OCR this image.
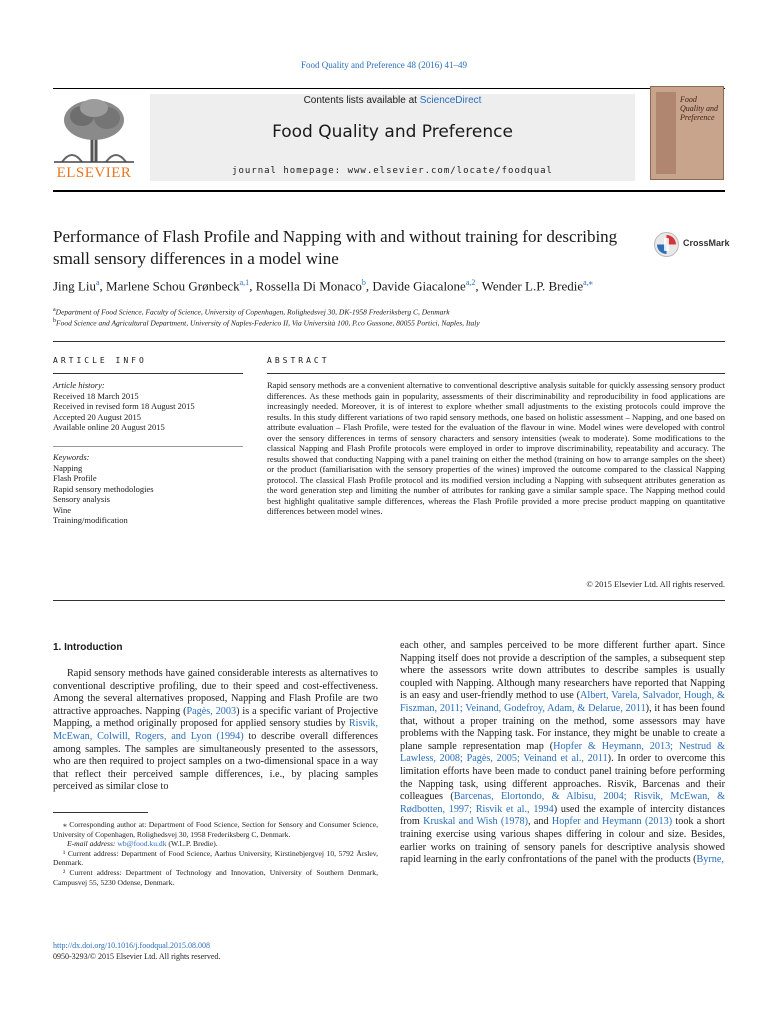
Food Quality and Preference 48 (2016) 41–49
ELSEVIER
Contents lists available at ScienceDirect
Food Quality and Preference
journal homepage: www.elsevier.com/locate/foodqual
Food Quality and Preference
Performance of Flash Profile and Napping with and without training for describing small sensory differences in a model wine
CrossMark
Jing Liu$^a$, Marlene Schou Grønbeck$^{a,1}$, Rossella Di Monaco$^b$, Davide Giacalone$^{a,2}$, Wender L.P. Bredie$^{a,⁎}$
$^a$Department of Food Science, Faculty of Science, University of Copenhagen, Rolighedsvej 30, DK-1958 Frederiksberg C, Denmark
$^b$Food Science and Agricultural Department, University of Naples-Federico II, Via Università 100, P.co Gussone, 80055 Portici, Naples, Italy
ARTICLE INFO
Article history:
Received 18 March 2015
Received in revised form 18 August 2015
Accepted 20 August 2015
Available online 20 August 2015
Keywords:
Napping
Flash Profile
Rapid sensory methodologies
Sensory analysis
Wine
Training/modification
ABSTRACT
Rapid sensory methods are a convenient alternative to conventional descriptive analysis suitable for quickly assessing sensory product differences. As these methods gain in popularity, assessments of their discriminability and reproducibility in food applications are increasingly needed. Moreover, it is of interest to explore whether small adjustments to the existing protocols could improve the results. In this study different variations of two rapid sensory methods, one based on holistic assessment – Napping, and one based on attribute evaluation – Flash Profile, were tested for the evaluation of the flavour in wine. Model wines were developed with control over the sensory differences in terms of sensory characters and sensory intensities (weak to moderate). Some modifications to the classical Napping and Flash Profile protocols were employed in order to improve discriminability, repeatability and accuracy. The results showed that conducting Napping with a panel training on either the method (training on how to arrange samples on the sheet) or the product (familiarisation with the sensory properties of the wines) improved the outcome compared to the classical Napping protocol. The classical Flash Profile protocol and its modified version including a Napping with subsequent attributes generation as the word generation step and limiting the number of attributes for ranking gave a similar sample space. The Napping method could best highlight qualitative sample differences, whereas the Flash Profile provided a more precise product mapping on quantitative differences between model wines.
© 2015 Elsevier Ltd. All rights reserved.
1. Introduction

Rapid sensory methods have gained considerable interests as alternatives to conventional descriptive profiling, due to their speed and cost-effectiveness. Among the several alternatives proposed, Napping and Flash Profile are two attractive approaches. Napping (Pagès, 2003) is a specific variant of Projective Mapping, a method originally proposed for applied sensory studies by Risvik, McEwan, Colwill, Rogers, and Lyon (1994) to describe overall differences among samples. The samples are simultaneously presented to the assessors, who are then required to project samples on a two-dimensional space in a way that reflect their perceived sample differences, i.e., by placing samples perceived as similar close to

each other, and samples perceived to be more different further apart. Since Napping itself does not provide a description of the samples, a subsequent step where the assessors write down attributes to describe samples is usually coupled with Napping. Although many researchers have reported that Napping is an easy and user-friendly method to use (Albert, Varela, Salvador, Hough, & Fiszman, 2011; Veinand, Godefroy, Adam, & Delarue, 2011), it has been found that, without a proper training on the method, some assessors may have problems with the Napping task. For instance, they might be unable to create a plane sample representation map (Hopfer & Heymann, 2013; Nestrud & Lawless, 2008; Pagès, 2005; Veinand et al., 2011). In order to overcome this limitation efforts have been made to conduct panel training before performing the Napping task, using different approaches. Risvik, Barcenas and their colleagues (Barcenas, Elortondo, & Albisu, 2004; Risvik, McEwan, & Rødbotten, 1997; Risvik et al., 1994) used the example of intercity distances from Kruskal and Wish (1978), and Hopfer and Heymann (2013) took a short training exercise using various shapes differing in colour and size. Besides, earlier works on training of sensory panels for descriptive analysis showed rapid learning in the early confrontations of the panel with the products (Byrne,

⁎ Corresponding author at: Department of Food Science, Section for Sensory and Consumer Science, University of Copenhagen, Rolighedsvej 30, 1958 Frederiksberg C, Denmark.

E-mail address: wb@food.ku.dk (W.L.P. Bredie).

¹ Current address: Department of Food Science, Aarhus University, Kirstinebjergvej 10, 5792 Årslev, Denmark.

² Current address: Department of Technology and Innovation, University of Southern Denmark, Campusvej 55, 5230 Odense, Denmark.

http://dx.doi.org/10.1016/j.foodqual.2015.08.008
0950-3293/© 2015 Elsevier Ltd. All rights reserved.
